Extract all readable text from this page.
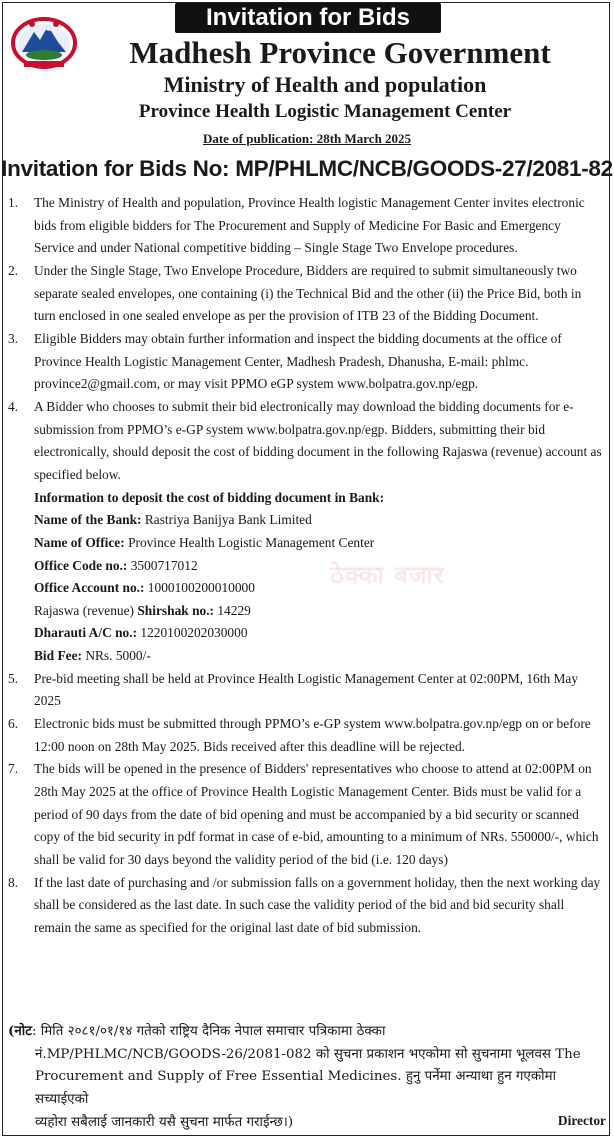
Invitation for Bids
Madhesh Province Government
Ministry of Health and population
Province Health Logistic Management Center
Date of publication: 28th March 2025
Invitation for Bids No: MP/PHLMC/NCB/GOODS-27/2081-82
ठेक्का बजार
1. The Ministry of Health and population, Province Health logistic Management Center invites electronic bids from eligible bidders for The Procurement and Supply of Medicine For Basic and Emergency Service and under National competitive bidding – Single Stage Two Envelope procedures.
2. Under the Single Stage, Two Envelope Procedure, Bidders are required to submit simultaneously two separate sealed envelopes, one containing (i) the Technical Bid and the other (ii) the Price Bid, both in turn enclosed in one sealed envelope as per the provision of ITB 23 of the Bidding Document.
3. Eligible Bidders may obtain further information and inspect the bidding documents at the office of Province Health Logistic Management Center, Madhesh Pradesh, Dhanusha, E-mail: phlmc. province2@gmail.com, or may visit PPMO eGP system www.bolpatra.gov.np/egp.
4. A Bidder who chooses to submit their bid electronically may download the bidding documents for e-submission from PPMO’s e-GP system www.bolpatra.gov.np/egp. Bidders, submitting their bid electronically, should deposit the cost of bidding document in the following Rajaswa (revenue) account as specified below.
Information to deposit the cost of bidding document in Bank:
Name of the Bank: Rastriya Banijya Bank Limited
Name of Office: Province Health Logistic Management Center
Office Code no.: 3500717012
Office Account no.: 1000100200010000
Rajaswa (revenue) Shirshak no.: 14229
Dharauti A/C no.: 1220100202030000
Bid Fee: NRs. 5000/-
5. Pre-bid meeting shall be held at Province Health Logistic Management Center at 02:00PM, 16th May 2025
6. Electronic bids must be submitted through PPMO’s e-GP system www.bolpatra.gov.np/egp on or before 12:00 noon on 28th May 2025. Bids received after this deadline will be rejected.
7. The bids will be opened in the presence of Bidders' representatives who choose to attend at 02:00PM on 28th May 2025 at the office of Province Health Logistic Management Center. Bids must be valid for a period of 90 days from the date of bid opening and must be accompanied by a bid security or scanned copy of the bid security in pdf format in case of e-bid, amounting to a minimum of NRs. 550000/-, which shall be valid for 30 days beyond the validity period of the bid (i.e. 120 days)
8. If the last date of purchasing and /or submission falls on a government holiday, then the next working day shall be considered as the last date. In such case the validity period of the bid and bid security shall remain the same as specified for the original last date of bid submission.
(नोट: मिति २०८१/०१/१४ गतेको राष्ट्रिय दैनिक नेपाल समाचार पत्रिकामा ठेक्का
नं.MP/PHLMC/NCB/GOODS-26/2081-082 को सुचना प्रकाशन भएकोमा सो सुचनामा भूलवस The
Procurement and Supply of Free Essential Medicines. हुनु पर्नेमा अन्याथा हुन गएकोमा सच्याईएको
व्यहोरा सबैलाई जानकारी यसै सुचना मार्फत गराईन्छ।)	Director
